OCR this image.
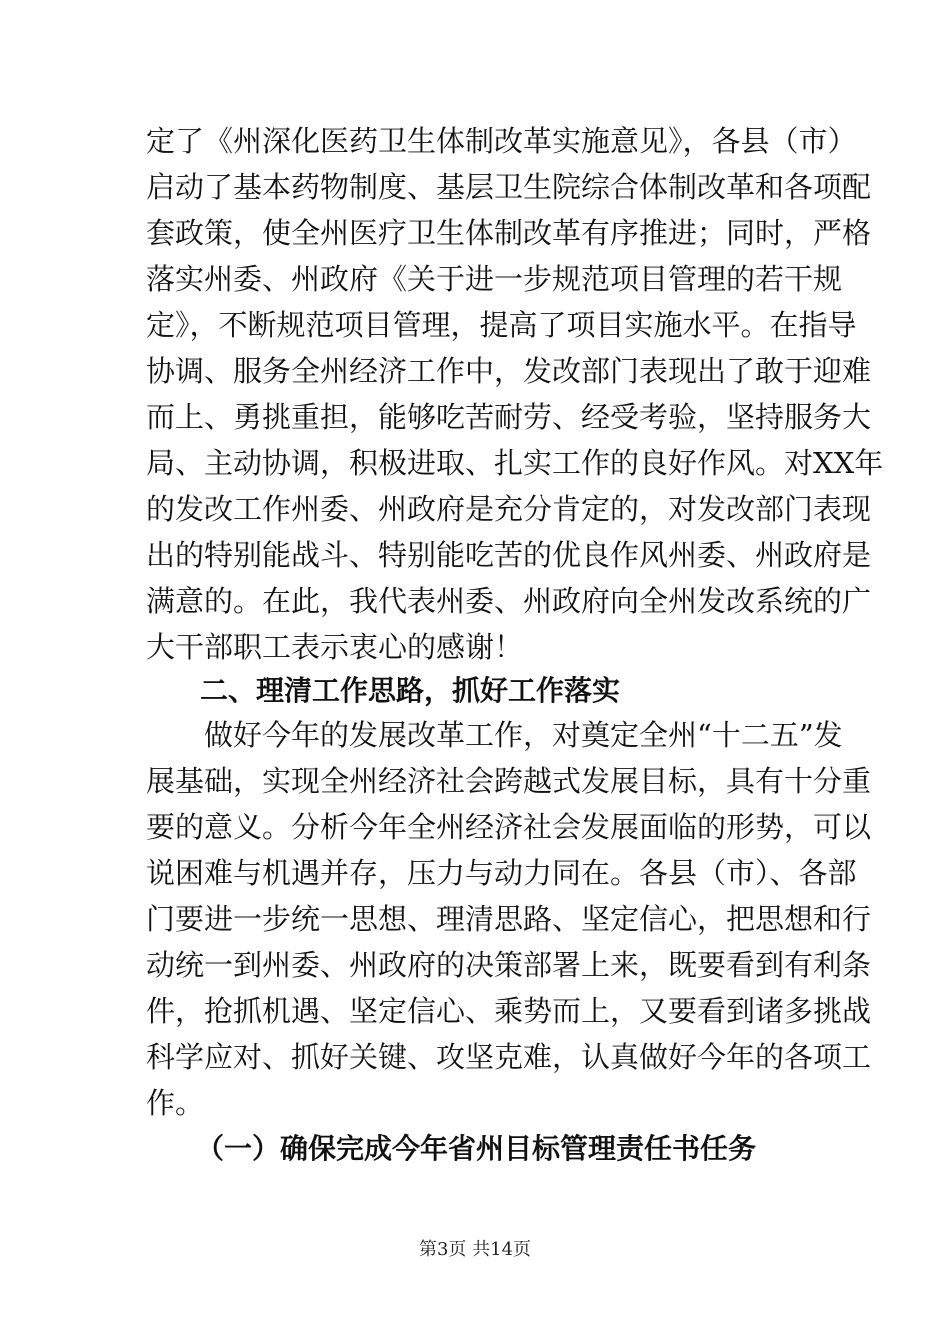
定了《州深化医药卫生体制改革实施意见》，各县（市）
启动了基本药物制度、基层卫生院综合体制改革和各项配
套政策，使全州医疗卫生体制改革有序推进；同时，严格
落实州委、州政府《关于进一步规范项目管理的若干规
定》，不断规范项目管理，提高了项目实施水平。在指导
协调、服务全州经济工作中，发改部门表现出了敢于迎难
而上、勇挑重担，能够吃苦耐劳、经受考验，坚持服务大
局、主动协调，积极进取、扎实工作的良好作风。对XX年
的发改工作州委、州政府是充分肯定的，对发改部门表现
出的特别能战斗、特别能吃苦的优良作风州委、州政府是
满意的。在此，我代表州委、州政府向全州发改系统的广
大干部职工表示衷心的感谢！
二、理清工作思路，抓好工作落实
做好今年的发展改革工作，对奠定全州“十二五”发
展基础，实现全州经济社会跨越式发展目标，具有十分重
要的意义。分析今年全州经济社会发展面临的形势，可以
说困难与机遇并存，压力与动力同在。各县（市）、各部
门要进一步统一思想、理清思路、坚定信心，把思想和行
动统一到州委、州政府的决策部署上来，既要看到有利条
件，抢抓机遇、坚定信心、乘势而上，又要看到诸多挑战
科学应对、抓好关键、攻坚克难，认真做好今年的各项工
作。
（一）确保完成今年省州目标管理责任书任务
第3页 共14页
